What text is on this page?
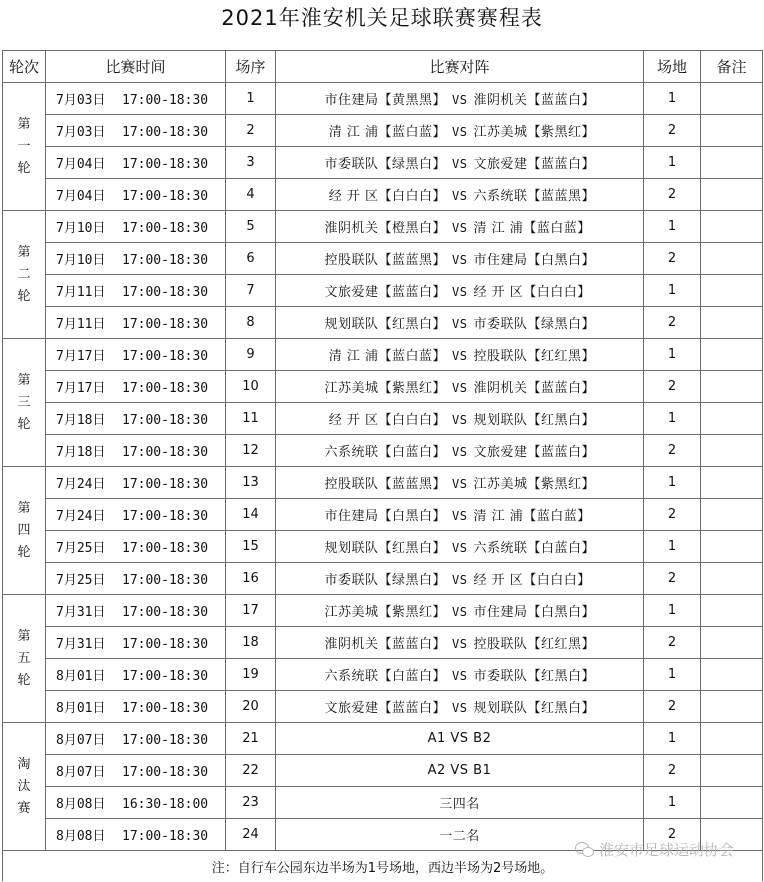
2021年淮安机关足球联赛赛程表
轮次	比赛时间	场序	比赛对阵	场地	备注

第一轮	7月03日 17:00-18:30	1	市住建局【黄黑黑】 VS 淮阴机关【蓝蓝白】	1	
	7月03日 17:00-18:30	2	清 江 浦【蓝白蓝】 VS 江苏美城【紫黑红】	2	
	7月04日 17:00-18:30	3	市委联队【绿黑白】 VS 文旅爱建【蓝蓝白】	1	
	7月04日 17:00-18:30	4	经 开 区【白白白】 VS 六系统联【蓝蓝黑】	2	

第二轮	7月10日 17:00-18:30	5	淮阴机关【橙黑白】 VS 清 江 浦【蓝白蓝】	1	
	7月10日 17:00-18:30	6	控股联队【蓝蓝黑】 VS 市住建局【白黑白】	2	
	7月11日 17:00-18:30	7	文旅爱建【蓝蓝白】 VS 经 开 区【白白白】	1	
	7月11日 17:00-18:30	8	规划联队【红黑白】 VS 市委联队【绿黑白】	2	

第三轮	7月17日 17:00-18:30	9	清 江 浦【蓝白蓝】 VS 控股联队【红红黑】	1	
	7月17日 17:00-18:30	10	江苏美城【紫黑红】 VS 淮阴机关【蓝蓝白】	2	
	7月18日 17:00-18:30	11	经 开 区【白白白】 VS 规划联队【红黑白】	1	
	7月18日 17:00-18:30	12	六系统联【白蓝白】 VS 文旅爱建【蓝蓝白】	2	

第四轮	7月24日 17:00-18:30	13	控股联队【蓝蓝黑】 VS 江苏美城【紫黑红】	1	
	7月24日 17:00-18:30	14	市住建局【白黑白】 VS 清 江 浦【蓝白蓝】	2	
	7月25日 17:00-18:30	15	规划联队【红黑白】 VS 六系统联【白蓝白】	1	
	7月25日 17:00-18:30	16	市委联队【绿黑白】 VS 经 开 区【白白白】	2	

第五轮	7月31日 17:00-18:30	17	江苏美城【紫黑红】 VS 市住建局【白黑白】	1	
	7月31日 17:00-18:30	18	淮阴机关【蓝蓝白】 VS 控股联队【红红黑】	2	
	8月01日 17:00-18:30	19	六系统联【白蓝白】 VS 市委联队【红黑白】	1	
	8月01日 17:00-18:30	20	文旅爱建【蓝蓝白】 VS 规划联队【红黑白】	2	

淘汰赛	8月07日 17:00-18:30	21	A1 VS B2	1	
	8月07日 17:00-18:30	22	A2 VS B1	2	
	8月08日 16:30-18:00	23	三四名	1	
	8月08日 17:00-18:30	24	一二名	2	
注：自行车公园东边半场为1号场地，西边半场为2号场地。					
淮安市足球运动协会
